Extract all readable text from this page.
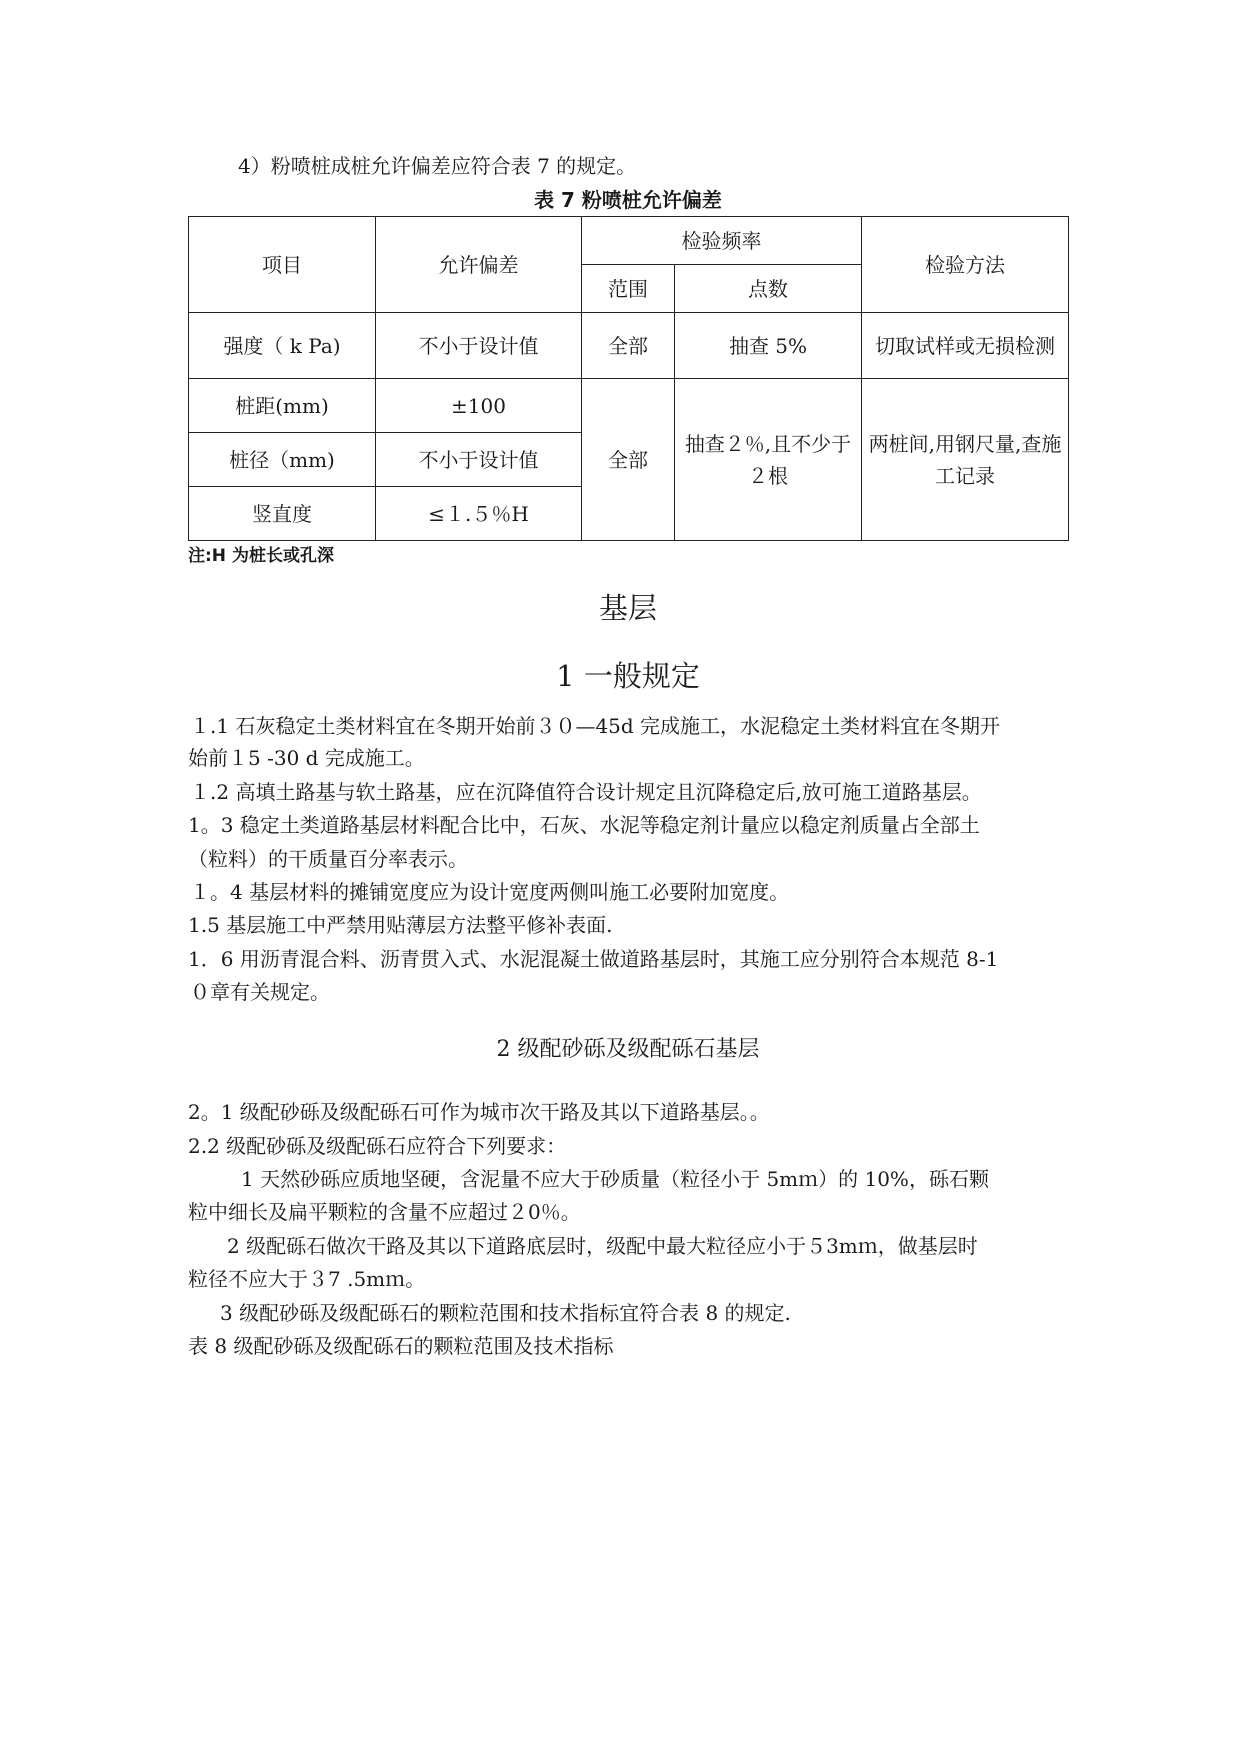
4）粉喷桩成桩允许偏差应符合表 7 的规定。
表 7 粉喷桩允许偏差
项目	允许偏差	检验频率		检验方法
		范围	点数	
强度（ k Pa)	不小于设计值	全部	抽查 5%	切取试样或无损检测
桩距(mm)	±100	全部	抽查２％,且不少于２根	两桩间,用钢尺量,查施工记录
桩径（mm)	不小于设计值			
竖直度	≤１.５％H			
注:H 为桩长或孔深
基层
1 一般规定
１.1 石灰稳定土类材料宜在冬期开始前３０—45d 完成施工，水泥稳定土类材料宜在冬期开
始前１5 -30 d 完成施工。
１.2 高填土路基与软土路基，应在沉降值符合设计规定且沉降稳定后,放可施工道路基层。
1。3 稳定土类道路基层材料配合比中，石灰、水泥等稳定剂计量应以稳定剂质量占全部土
（粒料）的干质量百分率表示。
１。4 基层材料的摊铺宽度应为设计宽度两侧叫施工必要附加宽度。
1.5 基层施工中严禁用贴薄层方法整平修补表面.
1．6 用沥青混合料、沥青贯入式、水泥混凝土做道路基层时，其施工应分别符合本规范 8-1
０章有关规定。
2 级配砂砾及级配砾石基层
2。1 级配砂砾及级配砾石可作为城市次干路及其以下道路基层。。
2.2 级配砂砾及级配砾石应符合下列要求：
1 天然砂砾应质地坚硬，含泥量不应大于砂质量（粒径小于 5mｍ）的 10%，砾石颗
粒中细长及扁平颗粒的含量不应超过２0％。
2 级配砾石做次干路及其以下道路底层时，级配中最大粒径应小于５3mｍ，做基层时
粒径不应大于３7 .5mｍ。
3 级配砂砾及级配砾石的颗粒范围和技术指标宜符合表 8 的规定.
表 8 级配砂砾及级配砾石的颗粒范围及技术指标
